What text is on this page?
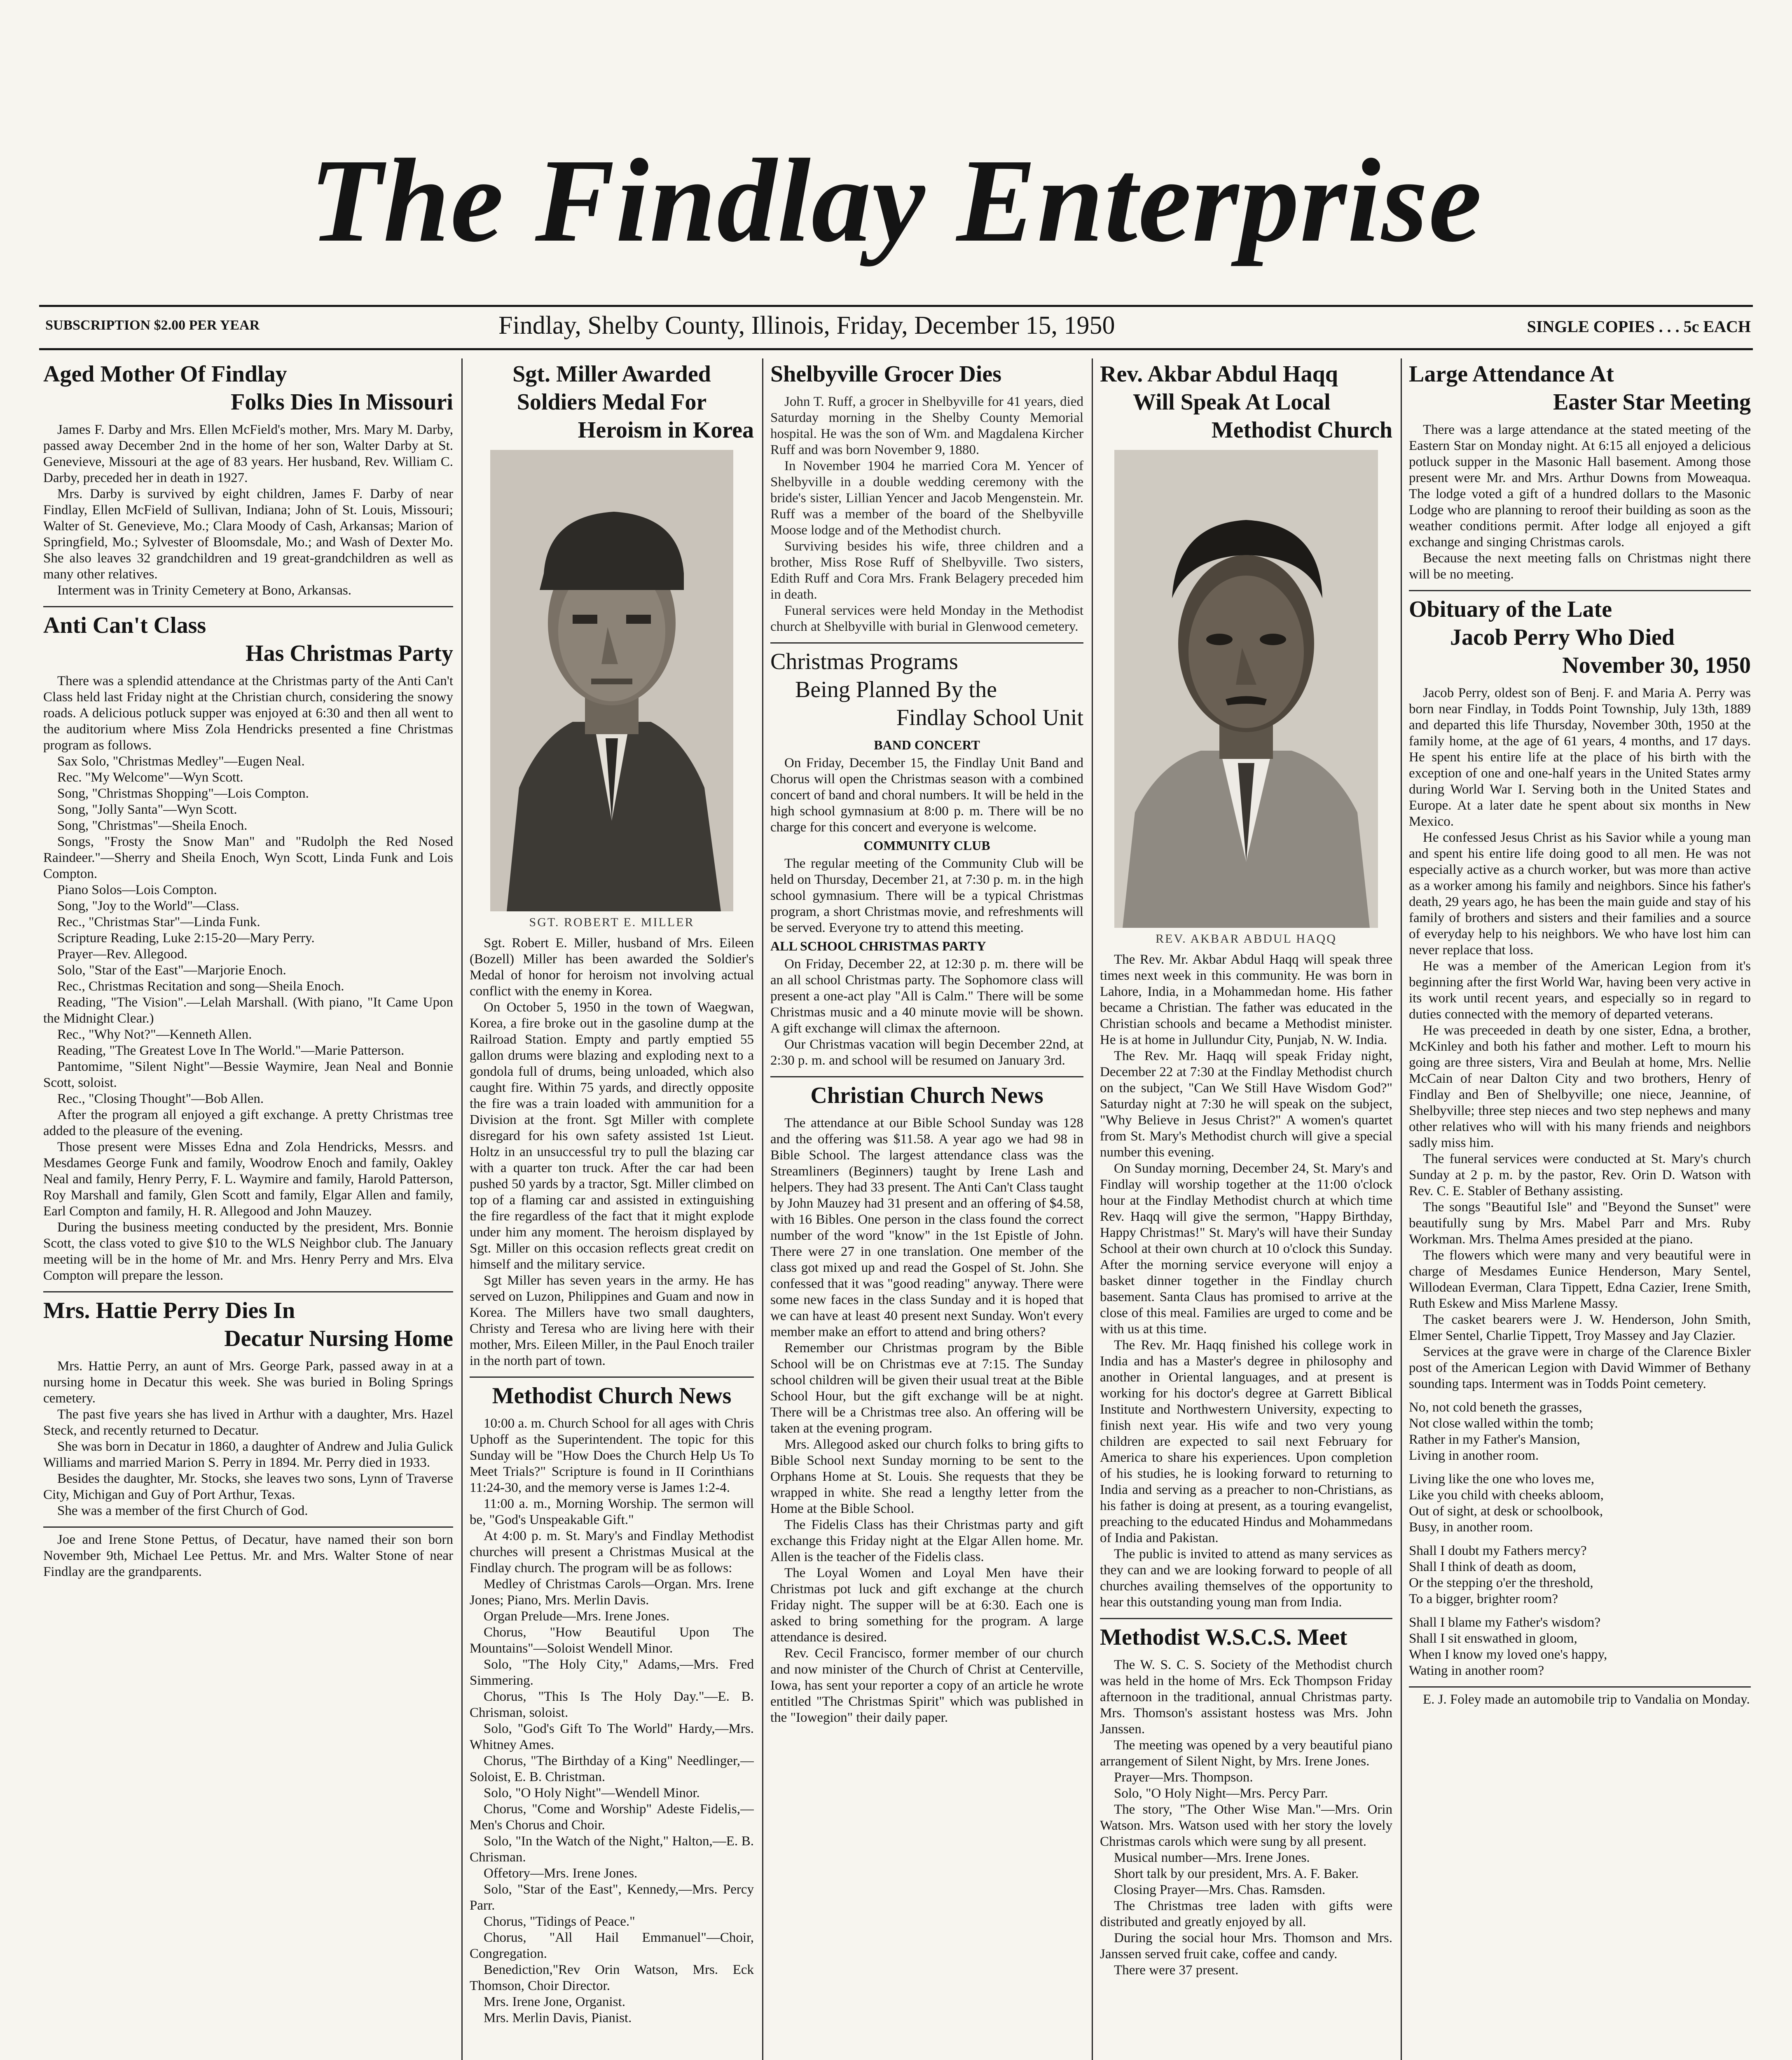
The Findlay Enterprise
SUBSCRIPTION $2.00 PER YEAR	Findlay, Shelby County, Illinois, Friday, December 15, 1950	SINGLE COPIES . . . 5c EACH
Aged Mother Of Findlay
Folks Dies In Missouri

James F. Darby and Mrs. Ellen McField's mother, Mrs. Mary M. Darby, passed away December 2nd in the home of her son, Walter Darby at St. Genevieve, Missouri at the age of 83 years. Her husband, Rev. William C. Darby, preceded her in death in 1927.

Mrs. Darby is survived by eight children, James F. Darby of near Findlay, Ellen McField of Sullivan, Indiana; John of St. Louis, Missouri; Walter of St. Genevieve, Mo.; Clara Moody of Cash, Arkansas; Marion of Springfield, Mo.; Sylvester of Bloomsdale, Mo.; and Wash of Dexter Mo. She also leaves 32 grandchildren and 19 great-grandchildren as well as many other relatives.

Interment was in Trinity Cemetery at Bono, Arkansas.

Anti Can't Class
Has Christmas Party

There was a splendid attendance at the Christmas party of the Anti Can't Class held last Friday night at the Christian church, considering the snowy roads. A delicious potluck supper was enjoyed at 6:30 and then all went to the auditorium where Miss Zola Hendricks presented a fine Christmas program as follows.

Sax Solo, "Christmas Medley"—Eugen Neal.

Rec. "My Welcome"—Wyn Scott.

Song, "Christmas Shopping"—Lois Compton.

Song, "Jolly Santa"—Wyn Scott.

Song, "Christmas"—Sheila Enoch.

Songs, "Frosty the Snow Man" and "Rudolph the Red Nosed Raindeer."—Sherry and Sheila Enoch, Wyn Scott, Linda Funk and Lois Compton.

Piano Solos—Lois Compton.

Song, "Joy to the World"—Class.

Rec., "Christmas Star"—Linda Funk.

Scripture Reading, Luke 2:15-20—Mary Perry.

Prayer—Rev. Allegood.

Solo, "Star of the East"—Marjorie Enoch.

Rec., Christmas Recitation and song—Sheila Enoch.

Reading, "The Vision".—Lelah Marshall. (With piano, "It Came Upon the Midnight Clear.)

Rec., "Why Not?"—Kenneth Allen.

Reading, "The Greatest Love In The World."—Marie Patterson.

Pantomime, "Silent Night"—Bessie Waymire, Jean Neal and Bonnie Scott, soloist.

Rec., "Closing Thought"—Bob Allen.

After the program all enjoyed a gift exchange. A pretty Christmas tree added to the pleasure of the evening.

Those present were Misses Edna and Zola Hendricks, Messrs. and Mesdames George Funk and family, Woodrow Enoch and family, Oakley Neal and family, Henry Perry, F. L. Waymire and family, Harold Patterson, Roy Marshall and family, Glen Scott and family, Elgar Allen and family, Earl Compton and family, H. R. Allegood and John Mauzey.

During the business meeting conducted by the president, Mrs. Bonnie Scott, the class voted to give $10 to the WLS Neighbor club. The January meeting will be in the home of Mr. and Mrs. Henry Perry and Mrs. Elva Compton will prepare the lesson.

Mrs. Hattie Perry Dies In
Decatur Nursing Home

Mrs. Hattie Perry, an aunt of Mrs. George Park, passed away in at a nursing home in Decatur this week. She was buried in Boling Springs cemetery.

The past five years she has lived in Arthur with a daughter, Mrs. Hazel Steck, and recently returned to Decatur.

She was born in Decatur in 1860, a daughter of Andrew and Julia Gulick Williams and married Marion S. Perry in 1894. Mr. Perry died in 1933.

Besides the daughter, Mr. Stocks, she leaves two sons, Lynn of Traverse City, Michigan and Guy of Port Arthur, Texas.

She was a member of the first Church of God.

Joe and Irene Stone Pettus, of Decatur, have named their son born November 9th, Michael Lee Pettus. Mr. and Mrs. Walter Stone of near Findlay are the grandparents.

Sgt. Miller Awarded
Soldiers Medal For

Heroism in Korea
SGT. ROBERT E. MILLER

Sgt. Robert E. Miller, husband of Mrs. Eileen (Bozell) Miller has been awarded the Soldier's Medal of honor for heroism not involving actual conflict with the enemy in Korea.

On October 5, 1950 in the town of Waegwan, Korea, a fire broke out in the gasoline dump at the Railroad Station. Empty and partly emptied 55 gallon drums were blazing and exploding next to a gondola full of drums, being unloaded, which also caught fire. Within 75 yards, and directly opposite the fire was a train loaded with ammunition for a Division at the front. Sgt Miller with complete disregard for his own safety assisted 1st Lieut. Holtz in an unsuccessful try to pull the blazing car with a quarter ton truck. After the car had been pushed 50 yards by a tractor, Sgt. Miller climbed on top of a flaming car and assisted in extinguishing the fire regardless of the fact that it might explode under him any moment. The heroism displayed by Sgt. Miller on this occasion reflects great credit on himself and the military service.

Sgt Miller has seven years in the army. He has served on Luzon, Philippines and Guam and now in Korea. The Millers have two small daughters, Christy and Teresa who are living here with their mother, Mrs. Eileen Miller, in the Paul Enoch trailer in the north part of town.

Methodist Church News

10:00 a. m. Church School for all ages with Chris Uphoff as the Superintendent. The topic for this Sunday will be "How Does the Church Help Us To Meet Trials?" Scripture is found in II Corinthians 11:24-30, and the memory verse is James 1:2-4.

11:00 a. m., Morning Worship. The sermon will be, "God's Unspeakable Gift."

At 4:00 p. m. St. Mary's and Findlay Methodist churches will present a Christmas Musical at the Findlay church. The program will be as follows:

Medley of Christmas Carols—Organ. Mrs. Irene Jones; Piano, Mrs. Merlin Davis.

Organ Prelude—Mrs. Irene Jones.

Chorus, "How Beautiful Upon The Mountains"—Soloist Wendell Minor.

Solo, "The Holy City," Adams,—Mrs. Fred Simmering.

Chorus, "This Is The Holy Day."—E. B. Chrisman, soloist.

Solo, "God's Gift To The World" Hardy,—Mrs. Whitney Ames.

Chorus, "The Birthday of a King" Needlinger,—Soloist, E. B. Christman.

Solo, "O Holy Night"—Wendell Minor.

Chorus, "Come and Worship" Adeste Fidelis,—Men's Chorus and Choir.

Solo, "In the Watch of the Night," Halton,—E. B. Chrisman.

Offetory—Mrs. Irene Jones.

Solo, "Star of the East", Kennedy,—Mrs. Percy Parr.

Chorus, "Tidings of Peace."

Chorus, "All Hail Emmanuel"—Choir, Congregation.

Benediction,"Rev Orin Watson, Mrs. Eck Thomson, Choir Director.

Mrs. Irene Jone, Organist.

Mrs. Merlin Davis, Pianist.

Shelbyville Grocer Dies

John T. Ruff, a grocer in Shelbyville for 41 years, died Saturday morning in the Shelby County Memorial hospital. He was the son of Wm. and Magdalena Kircher Ruff and was born November 9, 1880.

In November 1904 he married Cora M. Yencer of Shelbyville in a double wedding ceremony with the bride's sister, Lillian Yencer and Jacob Mengenstein. Mr. Ruff was a member of the board of the Shelbyville Moose lodge and of the Methodist church.

Surviving besides his wife, three children and a brother, Miss Rose Ruff of Shelbyville. Two sisters, Edith Ruff and Cora Mrs. Frank Belagery preceded him in death.

Funeral services were held Monday in the Methodist church at Shelbyville with burial in Glenwood cemetery.

Christmas Programs
Being Planned By the

Findlay School Unit
BAND CONCERT

On Friday, December 15, the Findlay Unit Band and Chorus will open the Christmas season with a combined concert of band and choral numbers. It will be held in the high school gymnasium at 8:00 p. m. There will be no charge for this concert and everyone is welcome.

COMMUNITY CLUB

The regular meeting of the Community Club will be held on Thursday, December 21, at 7:30 p. m. in the high school gymnasium. There will be a typical Christmas program, a short Christmas movie, and refreshments will be served. Everyone try to attend this meeting.

ALL SCHOOL CHRISTMAS PARTY

On Friday, December 22, at 12:30 p. m. there will be an all school Christmas party. The Sophomore class will present a one-act play "All is Calm." There will be some Christmas music and a 40 minute movie will be shown. A gift exchange will climax the afternoon.

Our Christmas vacation will begin December 22nd, at 2:30 p. m. and school will be resumed on January 3rd.

Christian Church News

The attendance at our Bible School Sunday was 128 and the offering was $11.58. A year ago we had 98 in Bible School. The largest attendance class was the Streamliners (Beginners) taught by Irene Lash and helpers. They had 33 present. The Anti Can't Class taught by John Mauzey had 31 present and an offering of $4.58, with 16 Bibles. One person in the class found the correct number of the word "know" in the 1st Epistle of John. There were 27 in one translation. One member of the class got mixed up and read the Gospel of St. John. She confessed that it was "good reading" anyway. There were some new faces in the class Sunday and it is hoped that we can have at least 40 present next Sunday. Won't every member make an effort to attend and bring others?

Remember our Christmas program by the Bible School will be on Christmas eve at 7:15. The Sunday school children will be given their usual treat at the Bible School Hour, but the gift exchange will be at night. There will be a Christmas tree also. An offering will be taken at the evening program.

Mrs. Allegood asked our church folks to bring gifts to Bible School next Sunday morning to be sent to the Orphans Home at St. Louis. She requests that they be wrapped in white. She read a lengthy letter from the Home at the Bible School.

The Fidelis Class has their Christmas party and gift exchange this Friday night at the Elgar Allen home. Mr. Allen is the teacher of the Fidelis class.

The Loyal Women and Loyal Men have their Christmas pot luck and gift exchange at the church Friday night. The supper will be at 6:30. Each one is asked to bring something for the program. A large attendance is desired.

Rev. Cecil Francisco, former member of our church and now minister of the Church of Christ at Centerville, Iowa, has sent your reporter a copy of an article he wrote entitled "The Christmas Spirit" which was published in the "Iowegion" their daily paper.

Rev. Akbar Abdul Haqq
Will Speak At Local

Methodist Church
REV. AKBAR ABDUL HAQQ

The Rev. Mr. Akbar Abdul Haqq will speak three times next week in this community. He was born in Lahore, India, in a Mohammedan home. His father became a Christian. The father was educated in the Christian schools and became a Methodist minister. He is at home in Jullundur City, Punjab, N. W. India.

The Rev. Mr. Haqq will speak Friday night, December 22 at 7:30 at the Findlay Methodist church on the subject, "Can We Still Have Wisdom God?" Saturday night at 7:30 he will speak on the subject, "Why Believe in Jesus Christ?" A women's quartet from St. Mary's Methodist church will give a special number this evening.

On Sunday morning, December 24, St. Mary's and Findlay will worship together at the 11:00 o'clock hour at the Findlay Methodist church at which time Rev. Haqq will give the sermon, "Happy Birthday, Happy Christmas!" St. Mary's will have their Sunday School at their own church at 10 o'clock this Sunday. After the morning service everyone will enjoy a basket dinner together in the Findlay church basement. Santa Claus has promised to arrive at the close of this meal. Families are urged to come and be with us at this time.

The Rev. Mr. Haqq finished his college work in India and has a Master's degree in philosophy and another in Oriental languages, and at present is working for his doctor's degree at Garrett Biblical Institute and Northwestern University, expecting to finish next year. His wife and two very young children are expected to sail next February for America to share his experiences. Upon completion of his studies, he is looking forward to returning to India and serving as a preacher to non-Christians, as his father is doing at present, as a touring evangelist, preaching to the educated Hindus and Mohammedans of India and Pakistan.

The public is invited to attend as many services as they can and we are looking forward to people of all churches availing themselves of the opportunity to hear this outstanding young man from India.

Methodist W.S.C.S. Meet

The W. S. C. S. Society of the Methodist church was held in the home of Mrs. Eck Thompson Friday afternoon in the traditional, annual Christmas party. Mrs. Thomson's assistant hostess was Mrs. John Janssen.

The meeting was opened by a very beautiful piano arrangement of Silent Night, by Mrs. Irene Jones.

Prayer—Mrs. Thompson.

Solo, "O Holy Night—Mrs. Percy Parr.

The story, "The Other Wise Man."—Mrs. Orin Watson. Mrs. Watson used with her story the lovely Christmas carols which were sung by all present.

Musical number—Mrs. Irene Jones.

Short talk by our president, Mrs. A. F. Baker.

Closing Prayer—Mrs. Chas. Ramsden.

The Christmas tree laden with gifts were distributed and greatly enjoyed by all.

During the social hour Mrs. Thomson and Mrs. Janssen served fruit cake, coffee and candy.

There were 37 present.

Large Attendance At
Easter Star Meeting

There was a large attendance at the stated meeting of the Eastern Star on Monday night. At 6:15 all enjoyed a delicious potluck supper in the Masonic Hall basement. Among those present were Mr. and Mrs. Arthur Downs from Moweaqua. The lodge voted a gift of a hundred dollars to the Masonic Lodge who are planning to reroof their building as soon as the weather conditions permit. After lodge all enjoyed a gift exchange and singing Christmas carols.

Because the next meeting falls on Christmas night there will be no meeting.

Obituary of the Late
Jacob Perry Who Died

November 30, 1950

Jacob Perry, oldest son of Benj. F. and Maria A. Perry was born near Findlay, in Todds Point Township, July 13th, 1889 and departed this life Thursday, November 30th, 1950 at the family home, at the age of 61 years, 4 months, and 17 days. He spent his entire life at the place of his birth with the exception of one and one-half years in the United States army during World War I. Serving both in the United States and Europe. At a later date he spent about six months in New Mexico.

He confessed Jesus Christ as his Savior while a young man and spent his entire life doing good to all men. He was not especially active as a church worker, but was more than active as a worker among his family and neighbors. Since his father's death, 29 years ago, he has been the main guide and stay of his family of brothers and sisters and their families and a source of everyday help to his neighbors. We who have lost him can never replace that loss.

He was a member of the American Legion from it's beginning after the first World War, having been very active in its work until recent years, and especially so in regard to duties connected with the memory of departed veterans.

He was preceeded in death by one sister, Edna, a brother, McKinley and both his father and mother. Left to mourn his going are three sisters, Vira and Beulah at home, Mrs. Nellie McCain of near Dalton City and two brothers, Henry of Findlay and Ben of Shelbyville; one niece, Jeannine, of Shelbyville; three step nieces and two step nephews and many other relatives who will with his many friends and neighbors sadly miss him.

The funeral services were conducted at St. Mary's church Sunday at 2 p. m. by the pastor, Rev. Orin D. Watson with Rev. C. E. Stabler of Bethany assisting.

The songs "Beautiful Isle" and "Beyond the Sunset" were beautifully sung by Mrs. Mabel Parr and Mrs. Ruby Workman. Mrs. Thelma Ames presided at the piano.

The flowers which were many and very beautiful were in charge of Mesdames Eunice Henderson, Mary Sentel, Willodean Everman, Clara Tippett, Edna Cazier, Irene Smith, Ruth Eskew and Miss Marlene Massy.

The casket bearers were J. W. Henderson, John Smith, Elmer Sentel, Charlie Tippett, Troy Massey and Jay Clazier.

Services at the grave were in charge of the Clarence Bixler post of the American Legion with David Wimmer of Bethany sounding taps. Interment was in Todds Point cemetery.

No, not cold beneth the grasses,
Not close walled within the tomb;
Rather in my Father's Mansion,
Living in another room.

Living like the one who loves me,
Like you child with cheeks abloom,
Out of sight, at desk or schoolbook,
Busy, in another room.

Shall I doubt my Fathers mercy?
Shall I think of death as doom,
Or the stepping o'er the threshold,
To a bigger, brighter room?

Shall I blame my Father's wisdom?
Shall I sit enswathed in gloom,
When I know my loved one's happy,
Wating in another room?

E. J. Foley made an automobile trip to Vandalia on Monday.
